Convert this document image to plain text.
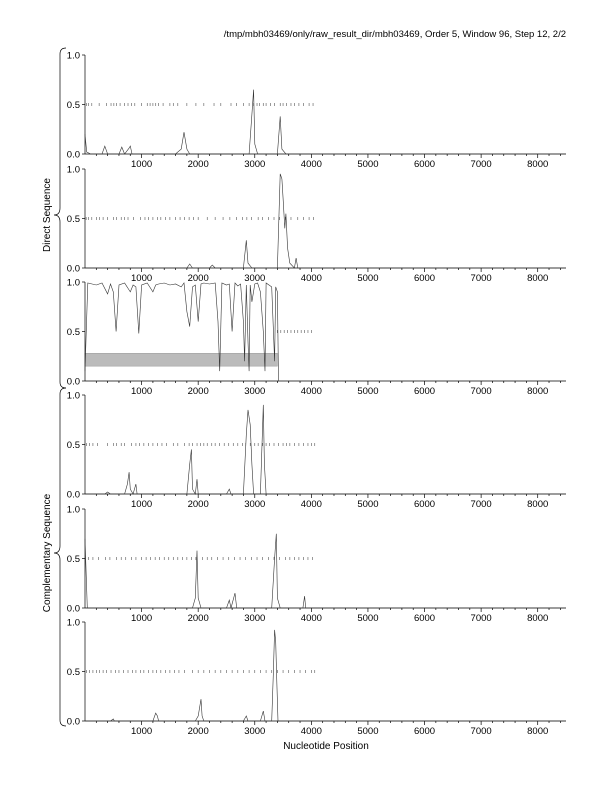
/tmp/mbh03469/only/raw_result_dir/mbh03469, Order 5, Window 96, Step 12, 2/2
0.0
0.5
1.0
1000	2000	3000	4000	5000	6000	7000	8000
0.0
0.5
1.0
1000	2000	3000	4000	5000	6000	7000	8000
0.0
0.5
1.0
1000	2000	3000	4000	5000	6000	7000	8000
0.0
0.5
1.0
1000	2000	3000	4000	5000	6000	7000	8000
0.0
0.5
1.0
1000	2000	3000	4000	5000	6000	7000	8000
0.0
0.5
1.0
1000	2000	3000	4000	5000	6000	7000	8000
Nucleotide Position
Direct Sequence
Complementary Sequence
